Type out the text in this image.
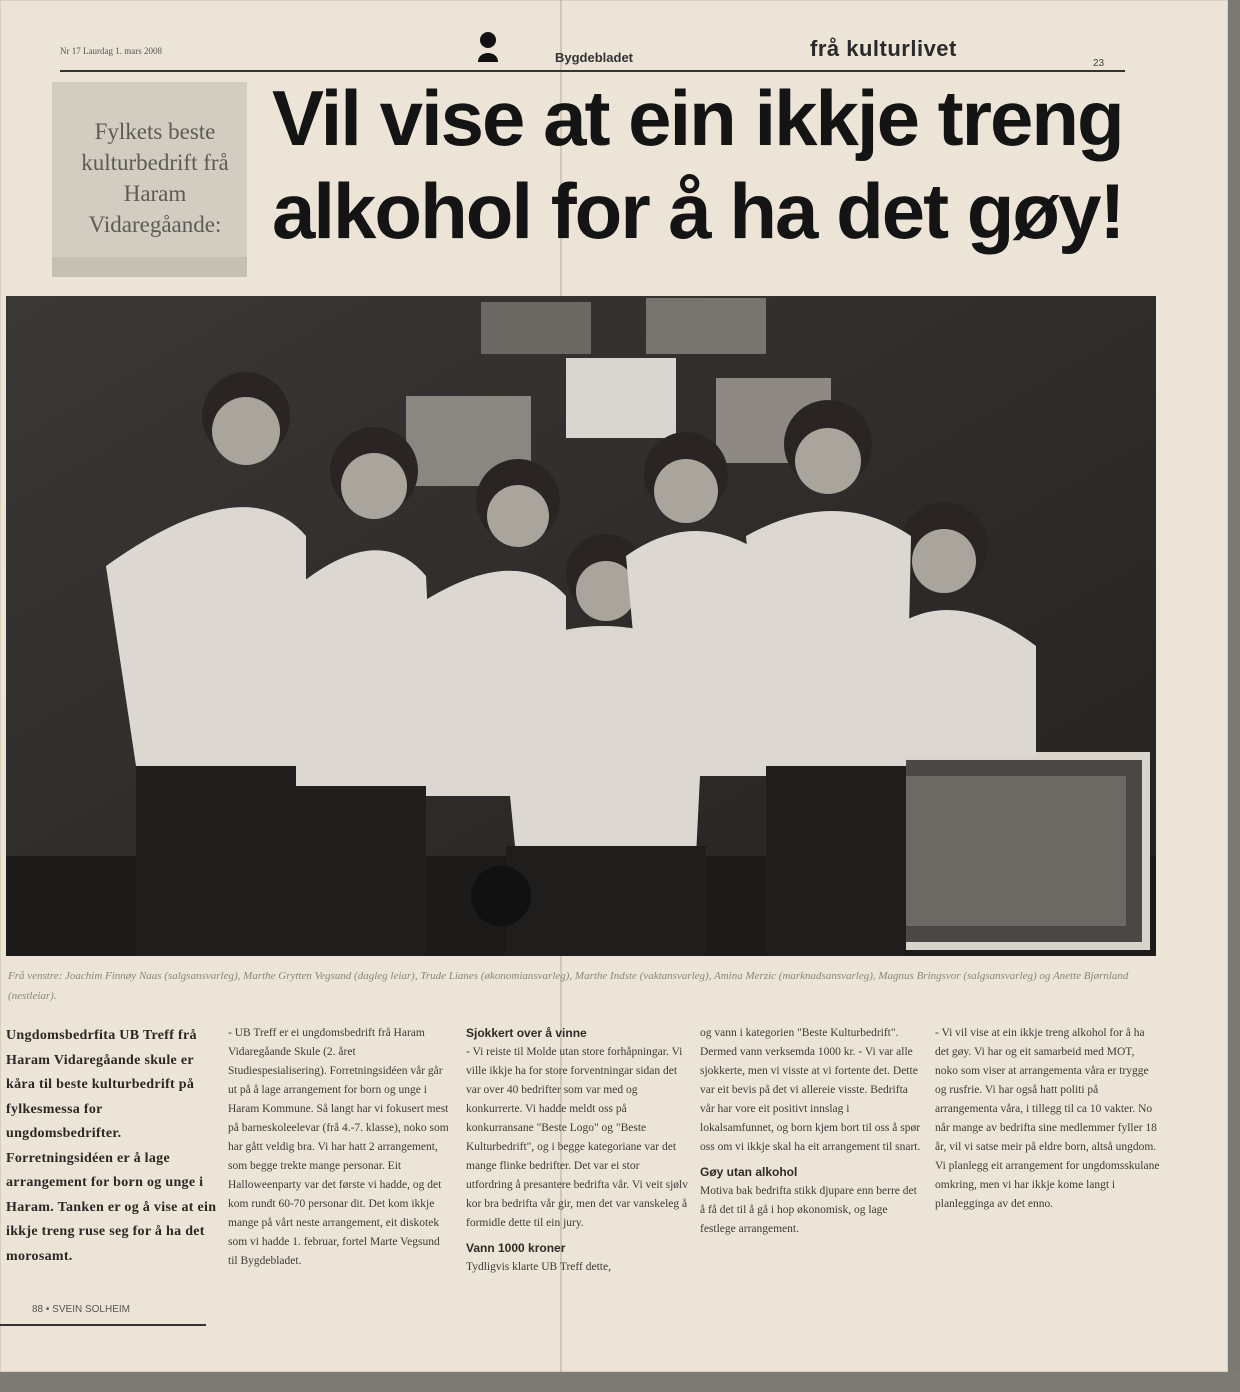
Nr 17 Laurdag 1. mars 2008	Bygdebladet	frå kulturlivet
23
Fylkets beste kulturbedrift frå Haram Vidaregåande:
Vil vise at ein ikkje treng alkohol for å ha det gøy!
Frå venstre: Joachim Finnøy Naas (salgsansvarleg), Marthe Grytten Vegsund (dagleg leiar), Trude Lianes (økonomiansvarleg), Marthe Indste (vaktansvarleg), Amina Merzic (marknadsansvarleg), Magnus Bringsvor (salgsansvarleg) og Anette Bjørnland (nestleiar).
Ungdomsbedrfita UB Treff frå Haram Vidaregåande skule er kåra til beste kulturbedrift på fylkesmessa for ungdomsbedrifter. Forretningsidéen er å lage arrangement for born og unge i Haram. Tanken er og å vise at ein ikkje treng ruse seg for å ha det morosamt.

- UB Treff er ei ungdomsbedrift frå Haram Vidaregåande Skule (2. året Studiespesialisering). Forretningsidéen vår går ut på å lage arrangement for born og unge i Haram Kommune. Så langt har vi fokusert mest på barneskoleelevar (frå 4.-7. klasse), noko som har gått veldig bra. Vi har hatt 2 arrangement, som begge trekte mange personar. Eit Halloweenparty var det første vi hadde, og det kom rundt 60-70 personar dit. Det kom ikkje mange på vårt neste arrangement, eit diskotek som vi hadde 1. februar, fortel Marte Vegsund til Bygdebladet.

Sjokkert over å vinne

- Vi reiste til Molde utan store forhåpningar. Vi ville ikkje ha for store forventningar sidan det var over 40 bedrifter som var med og konkurrerte. Vi hadde meldt oss på konkurransane "Beste Logo" og "Beste Kulturbedrift", og i begge kategoriane var det mange flinke bedrifter. Det var ei stor utfordring å presantere bedrifta vår. Vi veit sjølv kor bra bedrifta vår gir, men det var vanskeleg å formidle dette til ein jury.

Vann 1000 kroner

Tydligvis klarte UB Treff dette,

og vann i kategorien "Beste Kulturbedrift". Dermed vann verksemda 1000 kr. - Vi var alle sjokkerte, men vi visste at vi fortente det. Dette var eit bevis på det vi allereie visste. Bedrifta vår har vore eit positivt innslag i lokalsamfunnet, og born kjem bort til oss å spør oss om vi ikkje skal ha eit arrangement til snart.

Gøy utan alkohol

Motiva bak bedrifta stikk djupare enn berre det å få det til å gå i hop økonomisk, og lage festlege arrangement.

- Vi vil vise at ein ikkje treng alkohol for å ha det gøy. Vi har og eit samarbeid med MOT, noko som viser at arrangementa våra er trygge og rusfrie. Vi har også hatt politi på arrangementa våra, i tillegg til ca 10 vakter. No når mange av bedrifta sine medlemmer fyller 18 år, vil vi satse meir på eldre born, altså ungdom. Vi planlegg eit arrangement for ungdomsskulane omkring, men vi har ikkje kome langt i planlegginga av det enno.

88 • SVEIN SOLHEIM
